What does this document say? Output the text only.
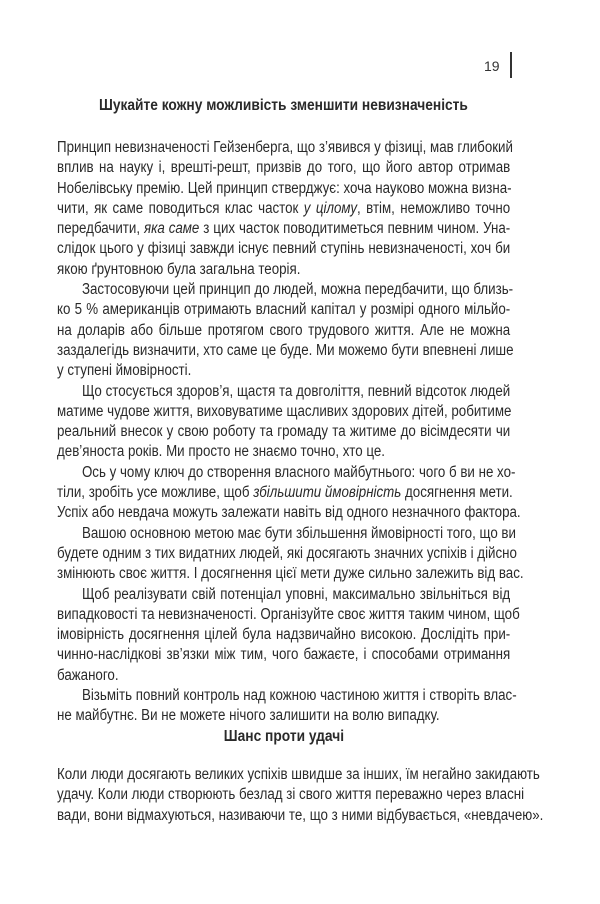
19
Шукайте кожну можливість зменшити невизначеність
Принцип невизначеності Гейзенберга, що з’явився у фізиці, мав глибокий
вплив на науку і, врешті-решт, призвів до того, що його автор отримав
Нобелівську премію. Цей принцип стверджує: хоча науково можна визна-
чити, як саме поводиться клас часток у цілому, втім, неможливо точно
передбачити, яка саме з цих часток поводитиметься певним чином. Уна-
слідок цього у фізиці завжди існує певний ступінь невизначеності, хоч би
якою ґрунтовною була загальна теорія.
Застосовуючи цей принцип до людей, можна передбачити, що близь-
ко 5 % американців отримають власний капітал у розмірі одного мільйо-
на доларів або більше протягом свого трудового життя. Але не можна
заздалегідь визначити, хто саме це буде. Ми можемо бути впевнені лише
у ступені ймовірності.
Що стосується здоров’я, щастя та довголіття, певний відсоток людей
матиме чудове життя, виховуватиме щасливих здорових дітей, робитиме
реальний внесок у свою роботу та громаду та житиме до вісімдесяти чи
дев’яноста років. Ми просто не знаємо точно, хто це.
Ось у чому ключ до створення власного майбутнього: чого б ви не хо-
тіли, зробіть усе можливе, щоб збільшити ймовірність досягнення мети.
Успіх або невдача можуть залежати навіть від одного незначного фактора.
Вашою основною метою має бути збільшення ймовірності того, що ви
будете одним з тих видатних людей, які досягають значних успіхів і дійсно
змінюють своє життя. І досягнення цієї мети дуже сильно залежить від вас.
Щоб реалізувати свій потенціал уповні, максимально звільніться від
випадковості та невизначеності. Організуйте своє життя таким чином, щоб
імовірність досягнення цілей була надзвичайно високою. Дослідіть при-
чинно-наслідкові зв’язки між тим, чого бажаєте, і способами отримання
бажаного.
Візьміть повний контроль над кожною частиною життя і створіть влас-
не майбутнє. Ви не можете нічого залишити на волю випадку.
Шанс проти удачі
Коли люди досягають великих успіхів швидше за інших, їм негайно закидають
удачу. Коли люди створюють безлад зі свого життя переважно через власні
вади, вони відмахуються, називаючи те, що з ними відбувається, «невдачею».
